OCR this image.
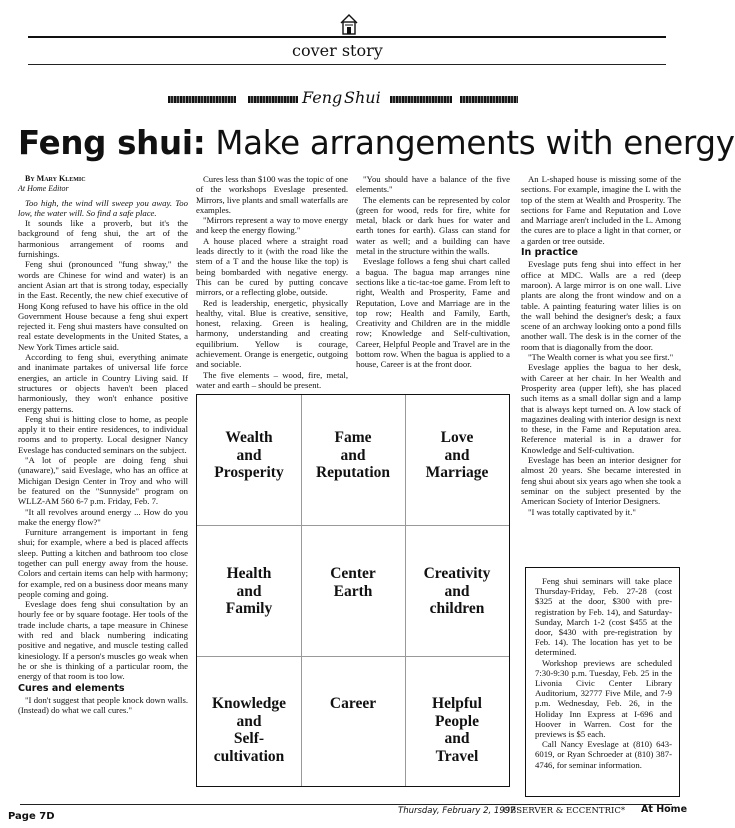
cover story
Feng Shui
Feng shui: Make arrangements with energy

By Mary Klemic

At Home Editor

Too high, the wind will sweep you away. Too low, the water will. So find a safe place.

It sounds like a proverb, but it's the background of feng shui, the art of the harmonious arrangement of rooms and furnishings.

Feng shui (pronounced "fung shway," the words are Chinese for wind and water) is an ancient Asian art that is strong today, especially in the East. Recently, the new chief executive of Hong Kong refused to have his office in the old Government House because a feng shui expert rejected it. Feng shui masters have consulted on real estate developments in the United States, a New York Times article said.

According to feng shui, everything animate and inanimate partakes of universal life force energies, an article in Country Living said. If structures or objects haven't been placed harmoniously, they won't enhance positive energy patterns.

Feng shui is hitting close to home, as people apply it to their entire residences, to individual rooms and to property. Local designer Nancy Eveslage has conducted seminars on the subject.

"A lot of people are doing feng shui (unaware)," said Eveslage, who has an office at Michigan Design Center in Troy and who will be featured on the "Sunnyside" program on WLLZ-AM 560 6-7 p.m. Friday, Feb. 7.

"It all revolves around energy ... How do you make the energy flow?"

Furniture arrangement is important in feng shui; for example, where a bed is placed affects sleep. Putting a kitchen and bathroom too close together can pull energy away from the house. Colors and certain items can help with harmony; for example, red on a business door means many people coming and going.

Eveslage does feng shui consultation by an hourly fee or by square footage. Her tools of the trade include charts, a tape measure in Chinese with red and black numbering indicating positive and negative, and muscle testing called kinesiology. If a person's muscles go weak when he or she is thinking of a particular room, the energy of that room is too low.

Cures and elements

"I don't suggest that people knock down walls. (Instead) do what we call cures."

Cures less than $100 was the topic of one of the workshops Eveslage presented. Mirrors, live plants and small waterfalls are examples.

"Mirrors represent a way to move energy and keep the energy flowing."

A house placed where a straight road leads directly to it (with the road like the stem of a T and the house like the top) is being bombarded with negative energy. This can be cured by putting concave mirrors, or a reflecting globe, outside.

Red is leadership, energetic, physically healthy, vital. Blue is creative, sensitive, honest, relaxing. Green is healing, harmony, understanding and creating equilibrium. Yellow is courage, achievement. Orange is energetic, outgoing and sociable.

The five elements – wood, fire, metal, water and earth – should be present.

"You should have a balance of the five elements."

The elements can be represented by color (green for wood, reds for fire, white for metal, black or dark hues for water and earth tones for earth). Glass can stand for water as well; and a building can have metal in the structure within the walls.

Eveslage follows a feng shui chart called a bagua. The bagua map arranges nine sections like a tic-tac-toe game. From left to right, Wealth and Prosperity, Fame and Reputation, Love and Marriage are in the top row; Health and Family, Earth, Creativity and Children are in the middle row; Knowledge and Self-cultivation, Career, Helpful People and Travel are in the bottom row. When the bagua is applied to a house, Career is at the front door.

An L-shaped house is missing some of the sections. For example, imagine the L with the top of the stem at Wealth and Prosperity. The sections for Fame and Reputation and Love and Marriage aren't included in the L. Among the cures are to place a light in that corner, or a garden or tree outside.

In practice

Eveslage puts feng shui into effect in her office at MDC. Walls are a red (deep maroon). A large mirror is on one wall. Live plants are along the front window and on a table. A painting featuring water lilies is on the wall behind the designer's desk; a faux scene of an archway looking onto a pond fills another wall. The desk is in the corner of the room that is diagonally from the door.

"The Wealth corner is what you see first."

Eveslage applies the bagua to her desk, with Career at her chair. In her Wealth and Prosperity area (upper left), she has placed such items as a small dollar sign and a lamp that is always kept turned on. A low stack of magazines dealing with interior design is next to these, in the Fame and Reputation area. Reference material is in a drawer for Knowledge and Self-cultivation.

Eveslage has been an interior designer for almost 20 years. She became interested in feng shui about six years ago when she took a seminar on the subject presented by the American Society of Interior Designers.

"I was totally captivated by it."

Wealth
and
Prosperity
Fame
and
Reputation
Love
and
Marriage
Health
and
Family
Center
Earth
Creativity
and
children
Knowledge
and
Self-
cultivation
Career	Helpful
People
and
Travel

Feng shui seminars will take place Thursday-Friday, Feb. 27-28 (cost $325 at the door, $300 with pre-registration by Feb. 14), and Saturday-Sunday, March 1-2 (cost $455 at the door, $430 with pre-registration by Feb. 14). The location has yet to be determined.

Workshop previews are scheduled 7:30-9:30 p.m. Tuesday, Feb. 25 in the Livonia Civic Center Library Auditorium, 32777 Five Mile, and 7-9 p.m. Wednesday, Feb. 26, in the Holiday Inn Express at I-696 and Hoover in Warren. Cost for the previews is $5 each.

Call Nancy Eveslage at (810) 643-6019, or Ryan Schroeder at (810) 387-4746, for seminar information.

Page 7D	Thursday, February 2, 1997
OBSERVER & ECCENTRIC* At Home
